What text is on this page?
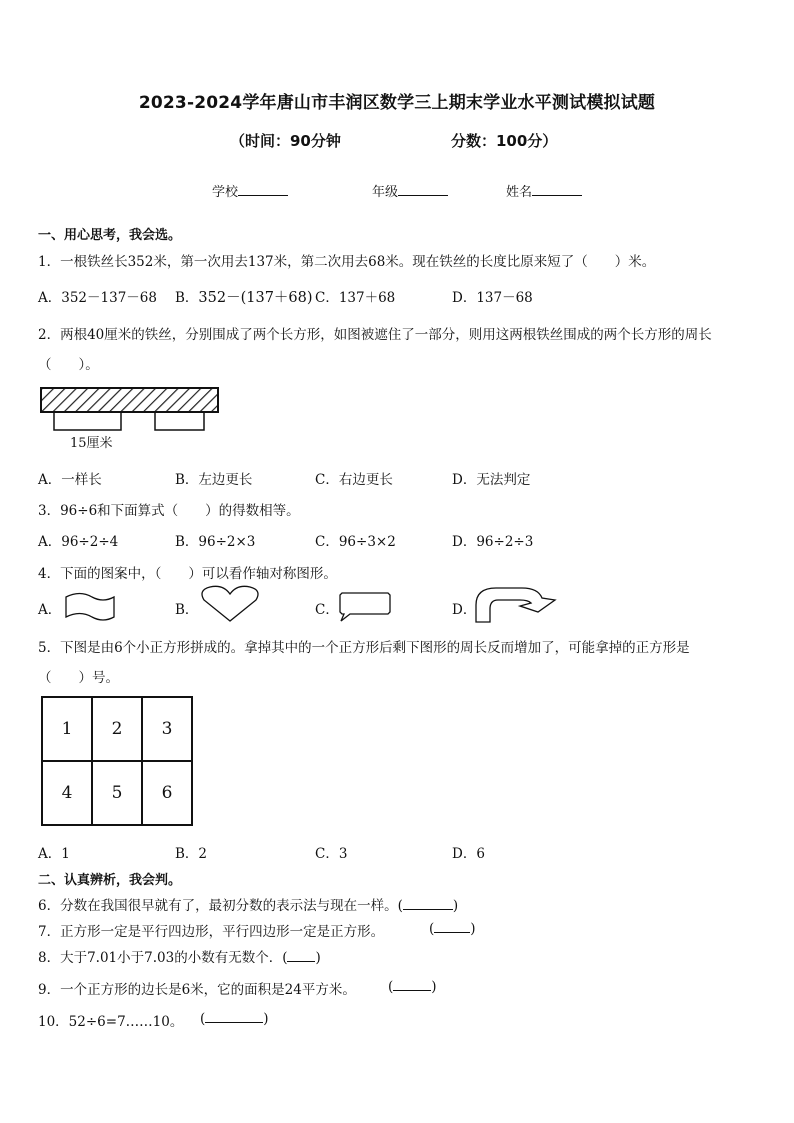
2023-2024学年唐山市丰润区数学三上期末学业水平测试模拟试题
（时间：90分钟	分数：100分）
学校	年级	姓名
一、用心思考，我会选。
1．一根铁丝长352米，第一次用去137米，第二次用去68米。现在铁丝的长度比原来短了（　　）米。
A．352－137－68 B．352－(137＋68) C．137＋68	D．137－68
2．两根40厘米的铁丝，分别围成了两个长方形，如图被遮住了一部分，则用这两根铁丝围成的两个长方形的周长
（　　）。
15厘米
A．一样长	B．左边更长	C．右边更长	D．无法判定
3．96÷6和下面算式（　　）的得数相等。
A．96÷2÷4	B．96÷2×3	C．96÷3×2	D．96÷2÷3
4．下面的图案中，（　　）可以看作轴对称图形。
A．	B．	C．	D．
5．下图是由6个小正方形拼成的。拿掉其中的一个正方形后剩下图形的周长反而增加了，可能拿掉的正方形是
（　　）号。
1	2	3
4	5	6
A．1	B．2	C．3	D．6
二、认真辨析，我会判。
6．分数在我国很早就有了，最初分数的表示法与现在一样。(	)
7．正方形一定是平行四边形，平行四边形一定是正方形。	(	)
8．大于7.01小于7.03的小数有无数个．( )
9．一个正方形的边长是6米，它的面积是24平方米。 (	)
10．52÷6=7……10。 (	)
